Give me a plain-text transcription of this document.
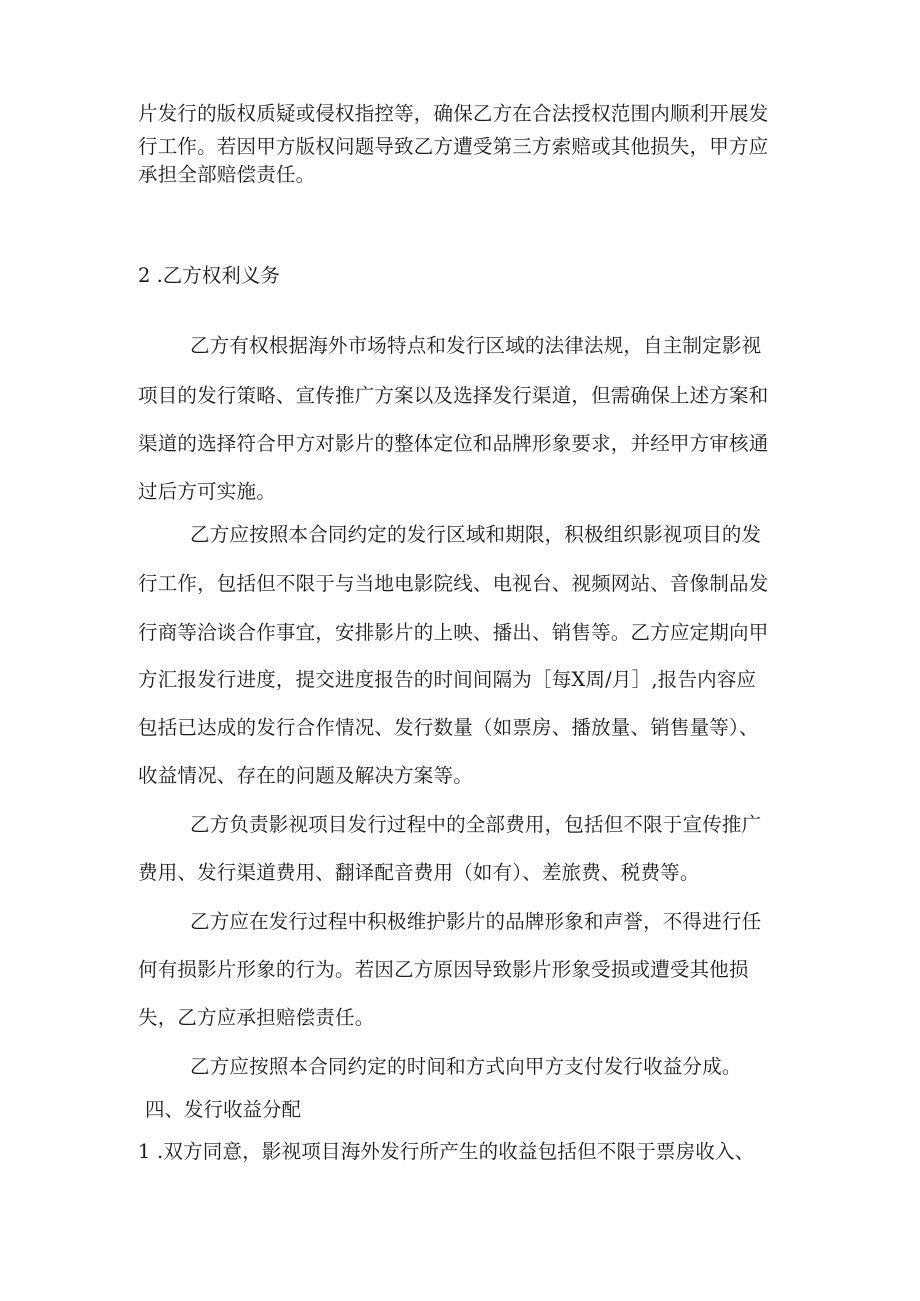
片发行的版权质疑或侵权指控等，确保乙方在合法授权范围内顺利开展发
行工作。若因甲方版权问题导致乙方遭受第三方索赔或其他损失，甲方应
承担全部赔偿责任。
2 .乙方权利义务
乙方有权根据海外市场特点和发行区域的法律法规，自主制定影视
项目的发行策略、宣传推广方案以及选择发行渠道，但需确保上述方案和
渠道的选择符合甲方对影片的整体定位和品牌形象要求，并经甲方审核通
过后方可实施。
乙方应按照本合同约定的发行区域和期限，积极组织影视项目的发
行工作，包括但不限于与当地电影院线、电视台、视频网站、音像制品发
行商等洽谈合作事宜，安排影片的上映、播出、销售等。乙方应定期向甲
方汇报发行进度，提交进度报告的时间间隔为［每X周/月］,报告内容应
包括已达成的发行合作情况、发行数量（如票房、播放量、销售量等）、
收益情况、存在的问题及解决方案等。
乙方负责影视项目发行过程中的全部费用，包括但不限于宣传推广
费用、发行渠道费用、翻译配音费用（如有）、差旅费、税费等。
乙方应在发行过程中积极维护影片的品牌形象和声誉，不得进行任
何有损影片形象的行为。若因乙方原因导致影片形象受损或遭受其他损
失，乙方应承担赔偿责任。
乙方应按照本合同约定的时间和方式向甲方支付发行收益分成。
四、发行收益分配
1 .双方同意，影视项目海外发行所产生的收益包括但不限于票房收入、
